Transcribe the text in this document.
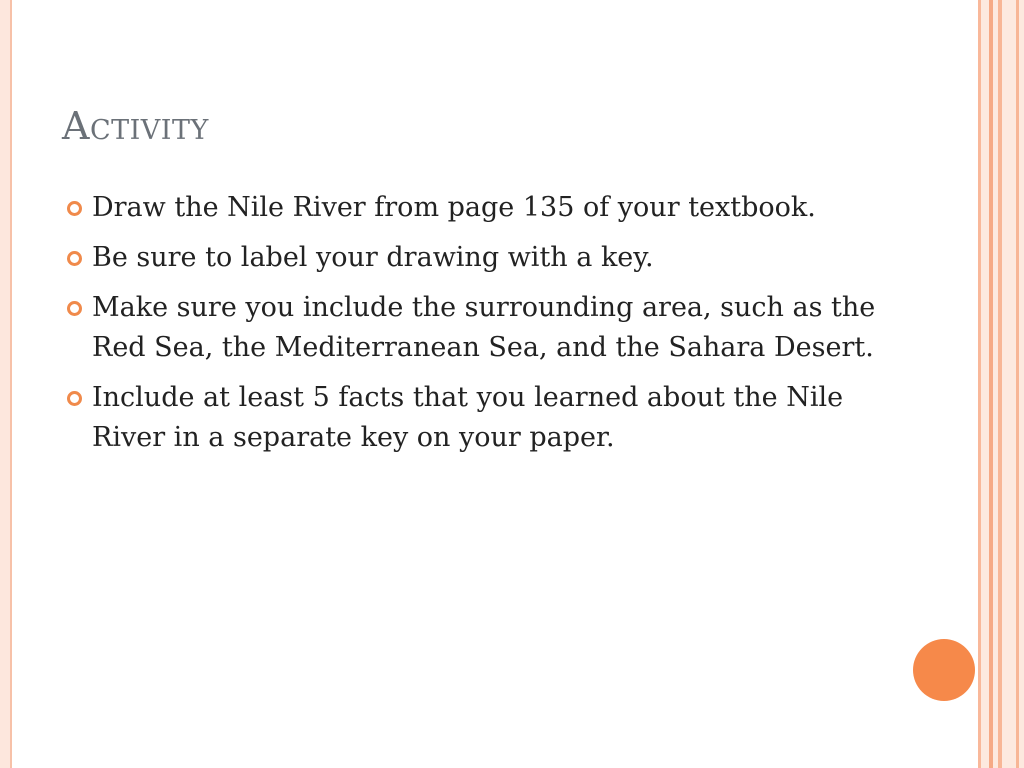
Activity
Draw the Nile River from page 135 of your textbook.
Be sure to label your drawing with a key.
Make sure you include the surrounding area, such as the Red Sea, the Mediterranean Sea, and the Sahara Desert.
Include at least 5 facts that you learned about the Nile River in a separate key on your paper.
